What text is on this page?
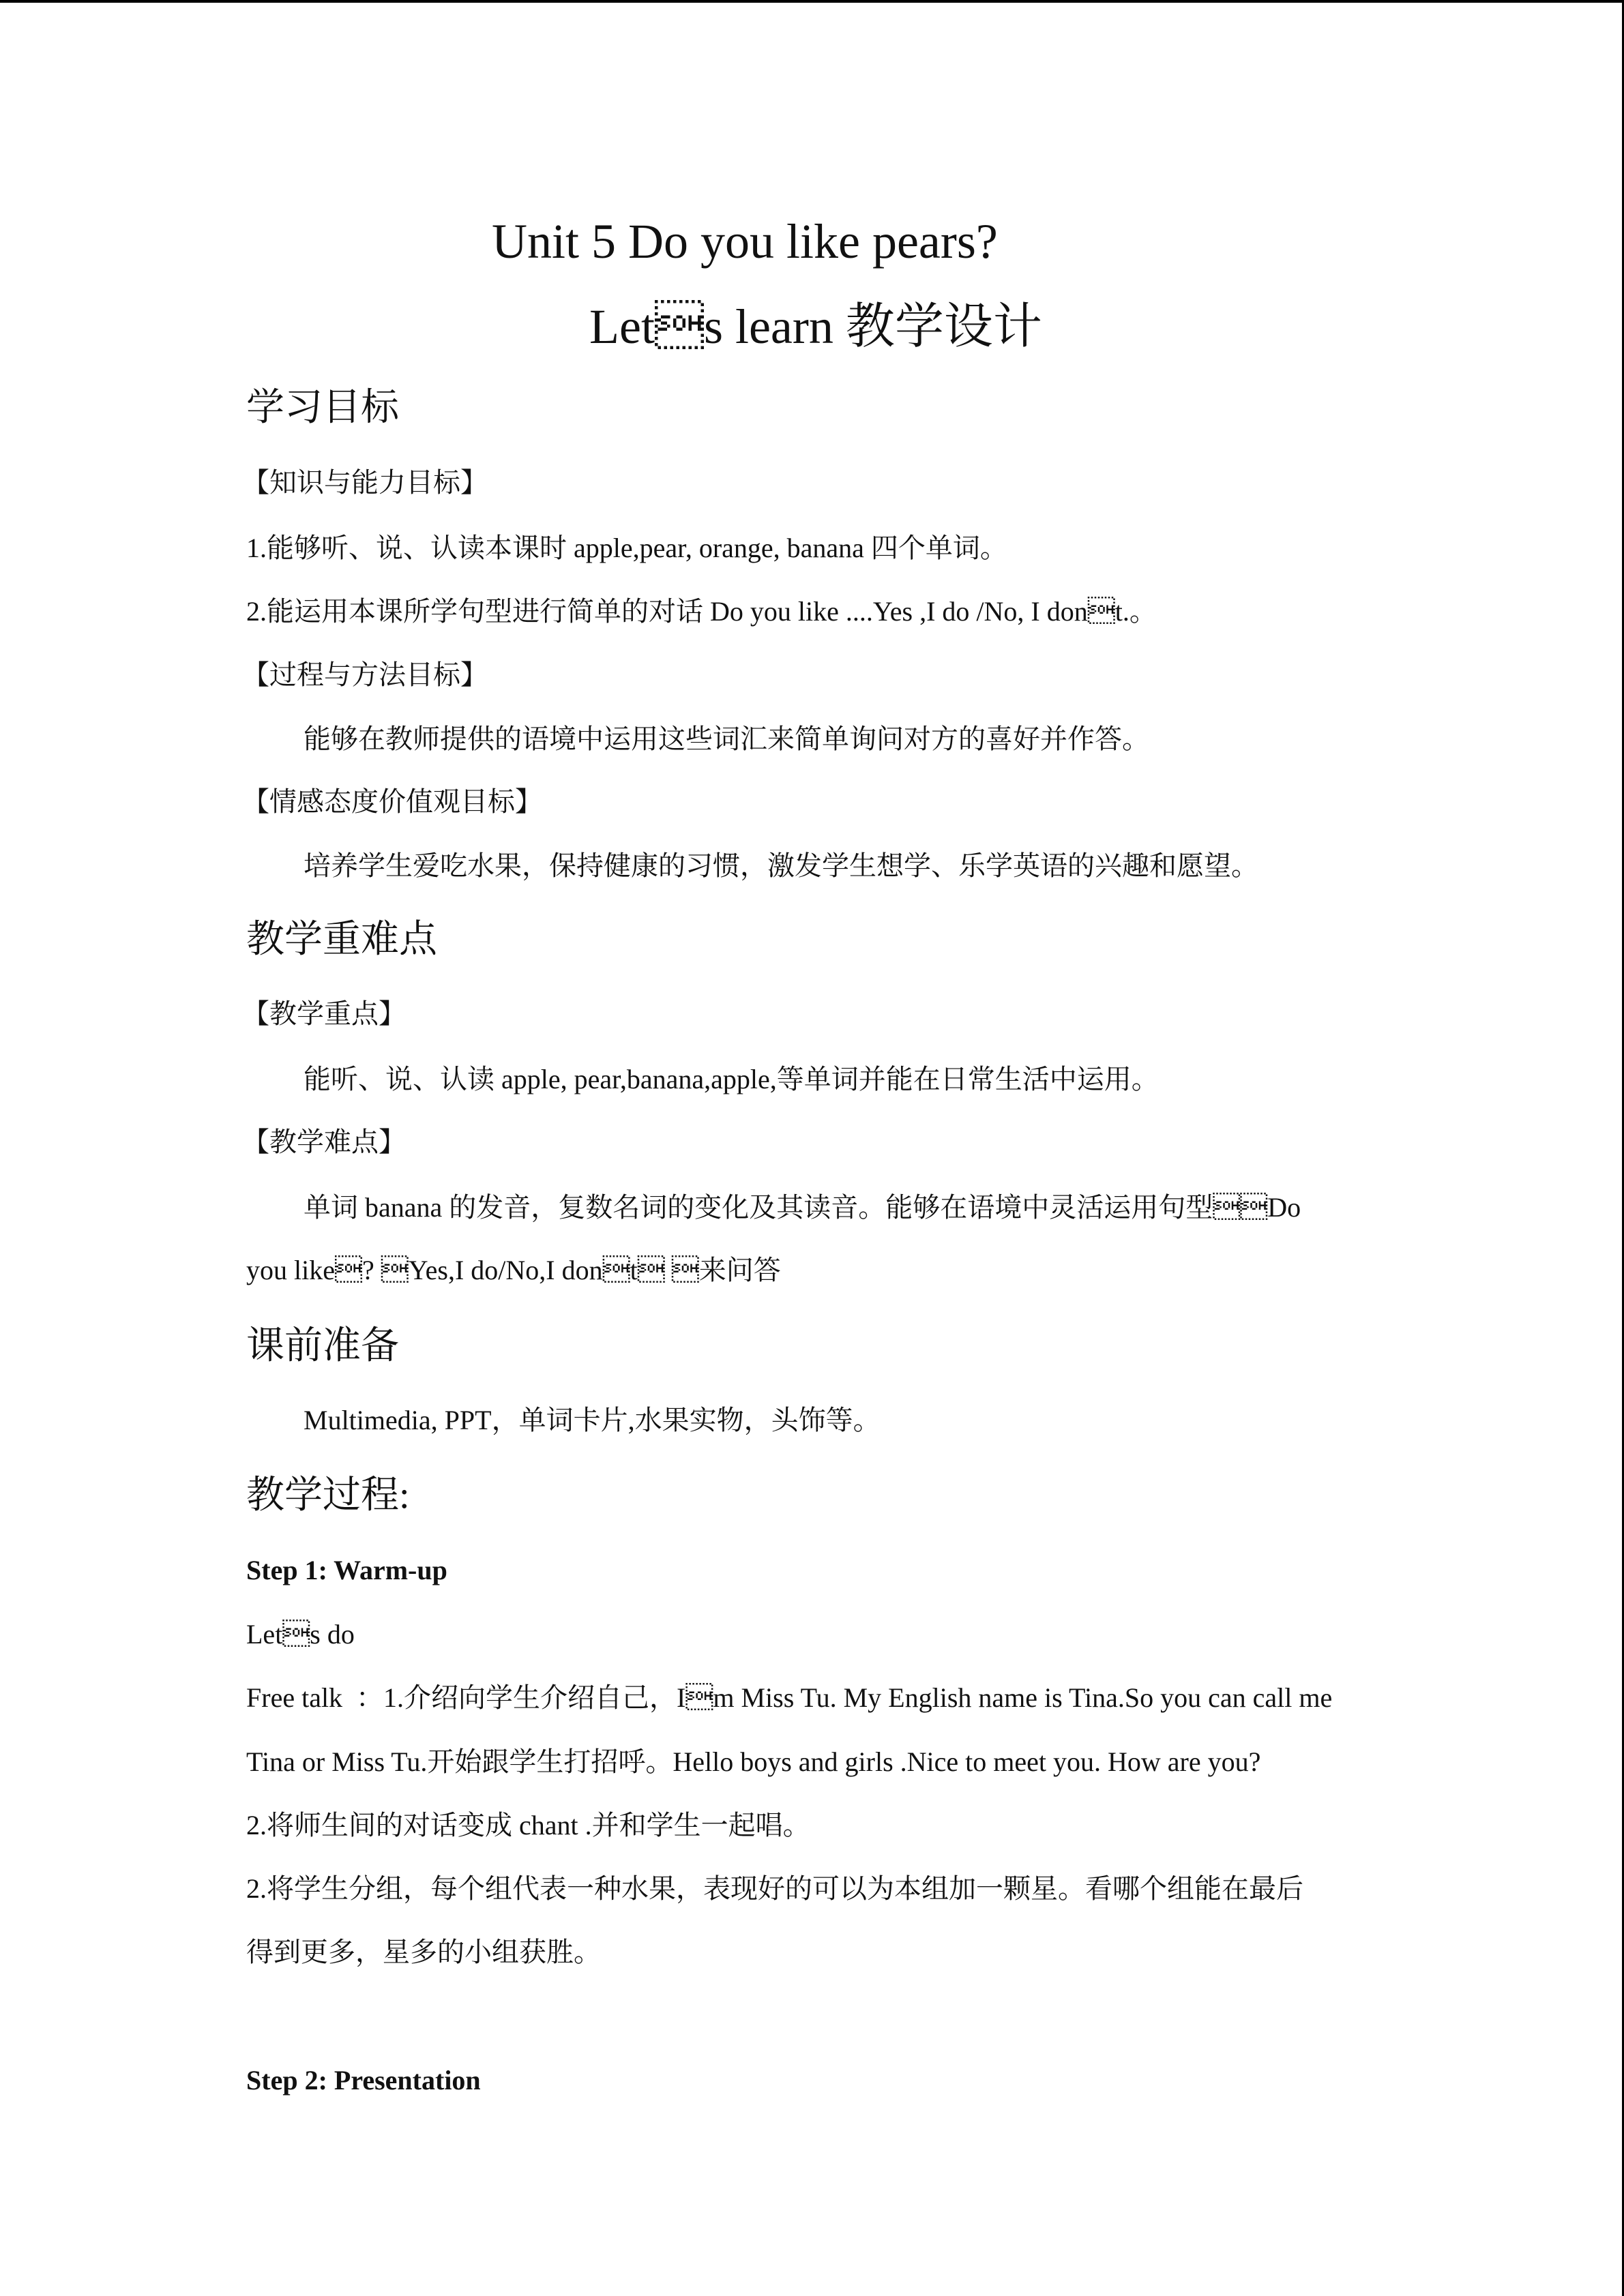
Unit 5 Do you like pears?
Lets learn 教学设计
学习目标
【知识与能力目标】
1.能够听、说、认读本课时 apple,pear, orange, banana 四个单词。
2.能运用本课所学句型进行简单的对话 Do you like ....Yes ,I do /No, I dont.。
【过程与方法目标】
能够在教师提供的语境中运用这些词汇来简单询问对方的喜好并作答。
【情感态度价值观目标】
培养学生爱吃水果，保持健康的习惯，激发学生想学、乐学英语的兴趣和愿望。
教学重难点
【教学重点】
能听、说、认读 apple, pear,banana,apple,等单词并能在日常生活中运用。
【教学难点】
单词 banana 的发音，复数名词的变化及其读音。能够在语境中灵活运用句型Do
you like? Yes,I do/No,I dont 来问答
课前准备
Multimedia, PPT，单词卡片,水果实物，头饰等。
教学过程:
Step 1: Warm-up
Lets do
Free talk  ：1.介绍向学生介绍自己，Im Miss Tu. My English name is Tina.So you can call me
Tina or Miss Tu.开始跟学生打招呼。Hello boys and girls .Nice to meet you. How are you?
2.将师生间的对话变成 chant .并和学生一起唱。
2.将学生分组，每个组代表一种水果，表现好的可以为本组加一颗星。看哪个组能在最后
得到更多，星多的小组获胜。
Step 2: Presentation
